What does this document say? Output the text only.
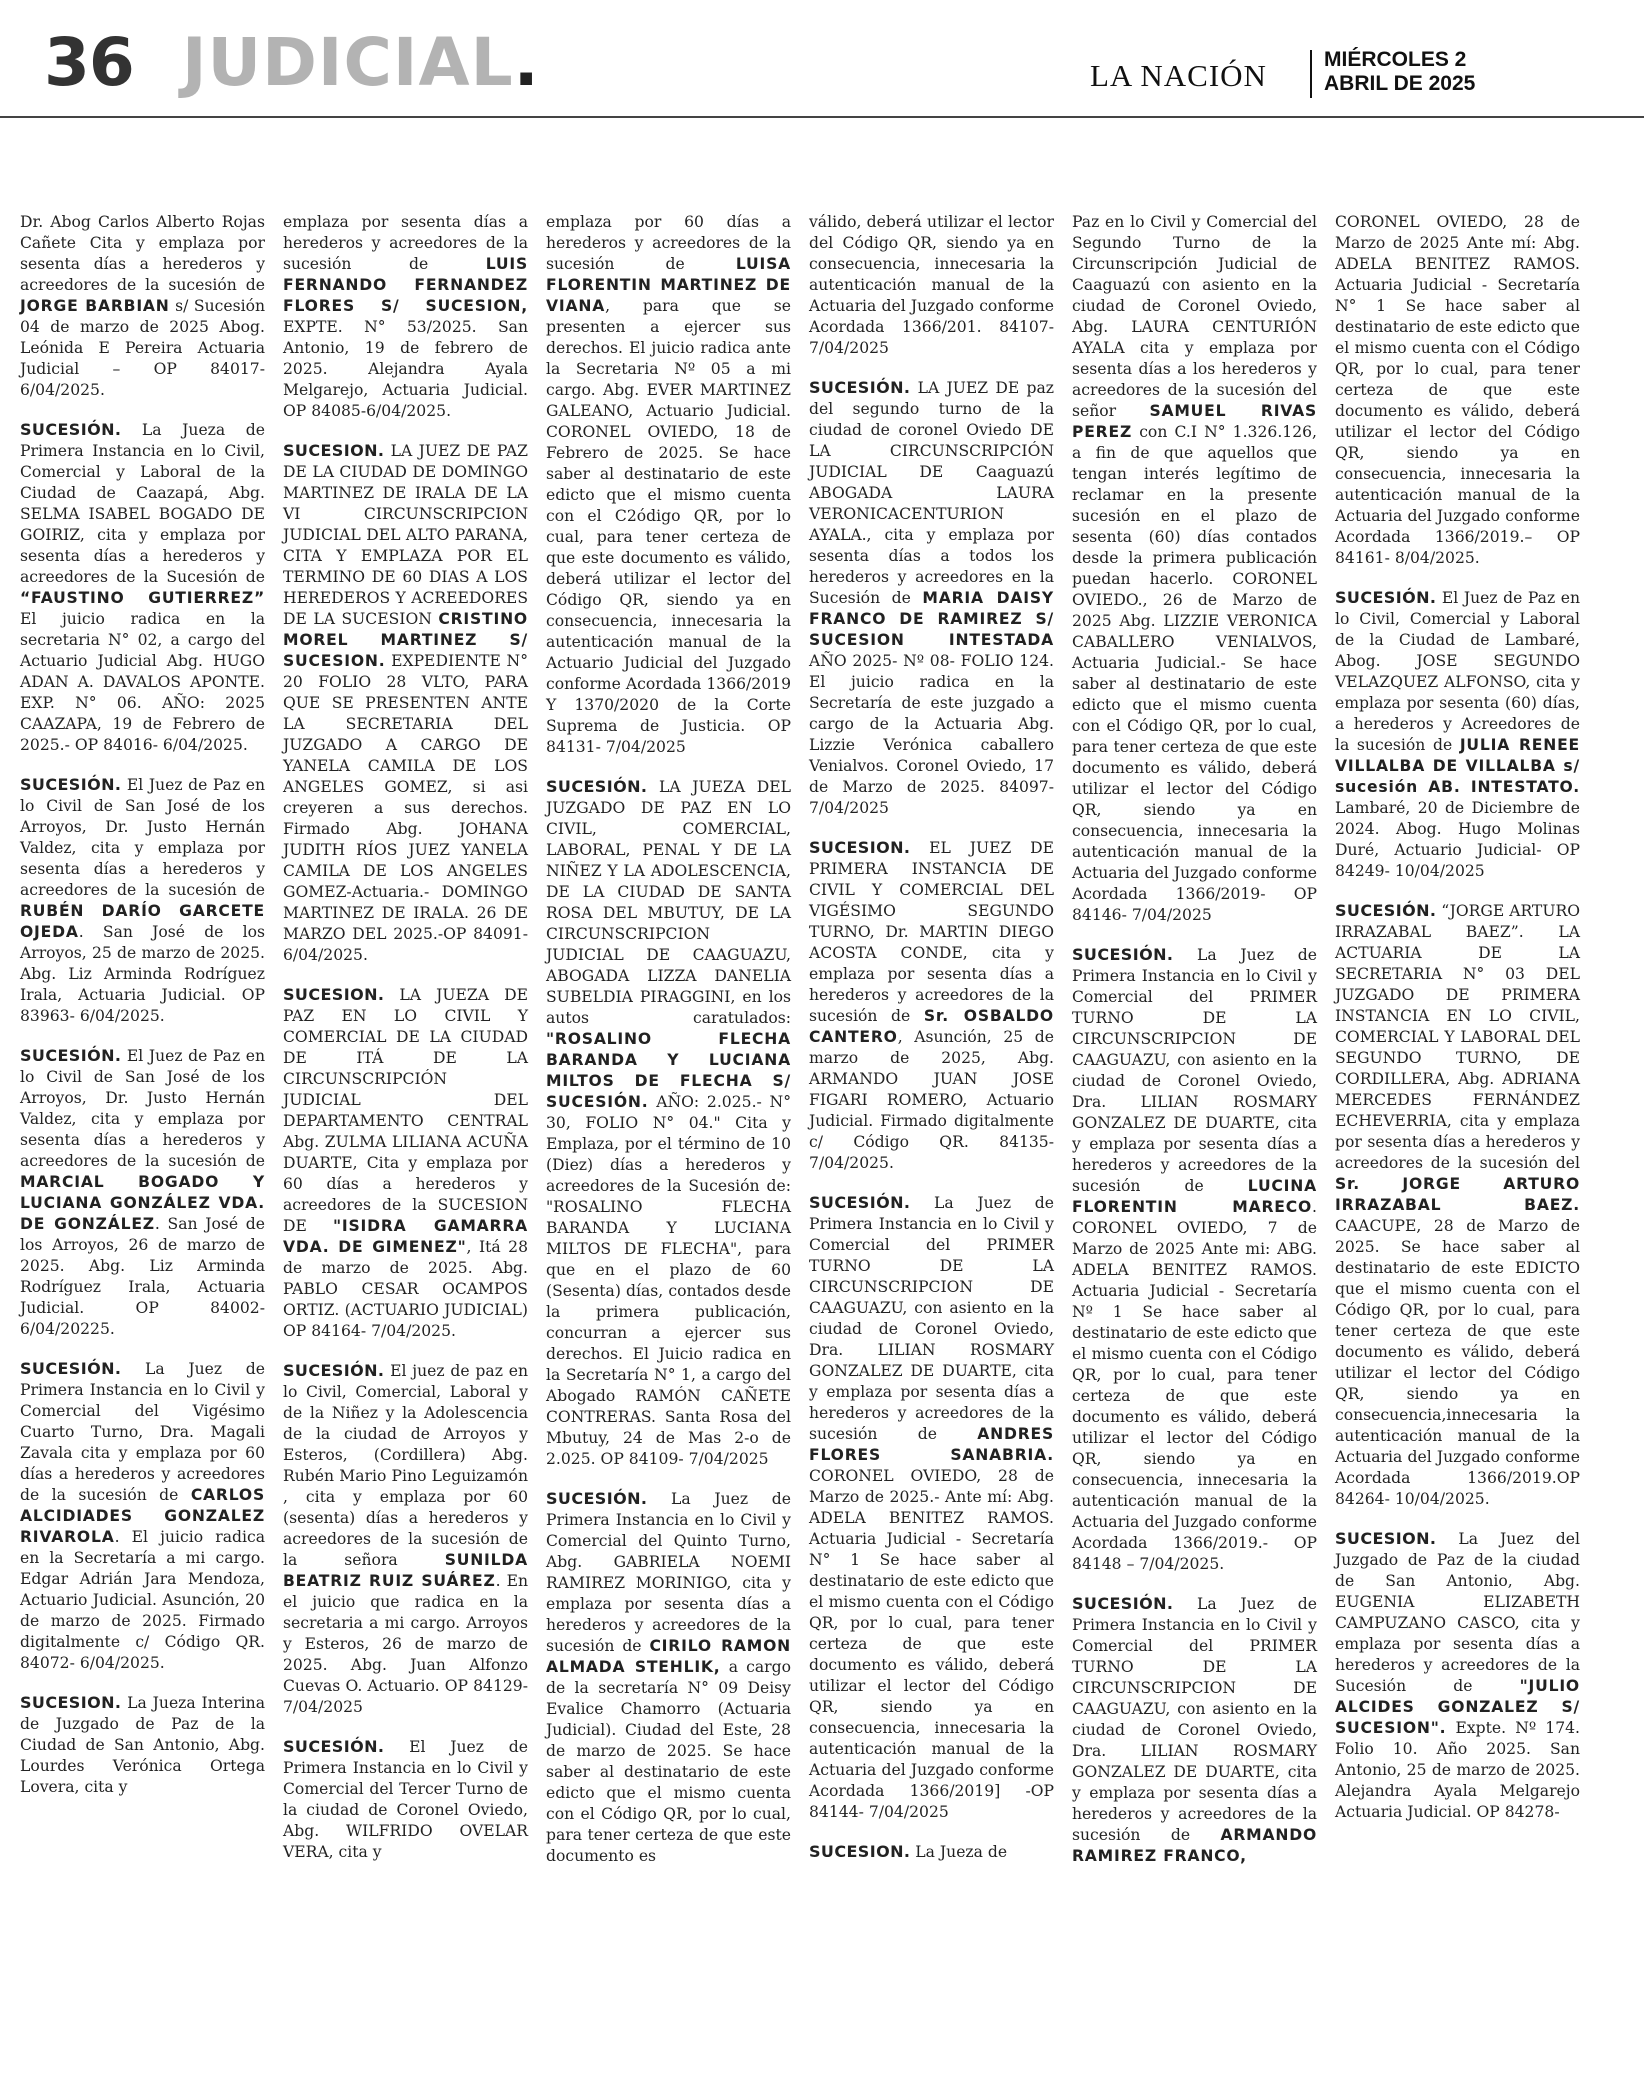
36 JUDICIAL.	LA NACIÓN	MIÉRCOLES 2
ABRIL DE 2025

Dr. Abog Carlos Alberto Rojas Cañete Cita y emplaza por sesenta días a herederos y acreedores de la sucesión de JORGE BARBIAN s/ Sucesión 04 de marzo de 2025 Abog. Leónida E Pereira Actuaria Judicial – OP 84017- 6/04/2025.

SUCESIÓN. La Jueza de Primera Instancia en lo Civil, Comercial y Laboral de la Ciudad de Caazapá, Abg. SELMA ISABEL BOGADO DE GOIRIZ, cita y emplaza por sesenta días a herederos y acreedores de la Sucesión de “FAUSTINO GUTIERREZ” El juicio radica en la secretaria N° 02, a cargo del Actuario Judicial Abg. HUGO ADAN A. DAVALOS APONTE. EXP. N° 06. AÑO: 2025 CAAZAPA, 19 de Febrero de 2025.- OP 84016- 6/04/2025.

SUCESIÓN. El Juez de Paz en lo Civil de San José de los Arroyos, Dr. Justo Hernán Valdez, cita y emplaza por sesenta días a herederos y acreedores de la sucesión de RUBÉN DARÍO GARCETE OJEDA. San José de los Arroyos, 25 de marzo de 2025. Abg. Liz Arminda Rodríguez Irala, Actuaria Judicial. OP 83963- 6/04/2025.

SUCESIÓN. El Juez de Paz en lo Civil de San José de los Arroyos, Dr. Justo Hernán Valdez, cita y emplaza por sesenta días a herederos y acreedores de la sucesión de MARCIAL BOGADO Y LUCIANA GONZÁLEZ VDA. DE GONZÁLEZ. San José de los Arroyos, 26 de marzo de 2025. Abg. Liz Arminda Rodríguez Irala, Actuaria Judicial. OP 84002- 6/04/20225.

SUCESIÓN. La Juez de Primera Instancia en lo Civil y Comercial del Vigésimo Cuarto Turno, Dra. Magali Zavala cita y emplaza por 60 días a herederos y acreedores de la sucesión de CARLOS ALCIDIADES GONZALEZ RIVAROLA. El juicio radica en la Secretaría a mi cargo. Edgar Adrián Jara Mendoza, Actuario Judicial. Asunción, 20 de marzo de 2025. Firmado digitalmente c/ Código QR. 84072- 6/04/2025.

SUCESION. La Jueza Interina de Juzgado de Paz de la Ciudad de San Antonio, Abg. Lourdes Verónica Ortega Lovera, cita y

emplaza por sesenta días a herederos y acreedores de la sucesión de LUIS FERNANDO FERNANDEZ FLORES S/ SUCESION, EXPTE. N° 53/2025. San Antonio, 19 de febrero de 2025. Alejandra Ayala Melgarejo, Actuaria Judicial. OP 84085-6/04/2025.

SUCESION. LA JUEZ DE PAZ DE LA CIUDAD DE DOMINGO MARTINEZ DE IRALA DE LA VI CIRCUNSCRIPCION JUDICIAL DEL ALTO PARANA, CITA Y EMPLAZA POR EL TERMINO DE 60 DIAS A LOS HEREDEROS Y ACREEDORES DE LA SUCESION CRISTINO MOREL MARTINEZ S/ SUCESION. EXPEDIENTE N° 20 FOLIO 28 VLTO, PARA QUE SE PRESENTEN ANTE LA SECRETARIA DEL JUZGADO A CARGO DE YANELA CAMILA DE LOS ANGELES GOMEZ, si asi creyeren a sus derechos. Firmado Abg. JOHANA JUDITH RÍOS JUEZ YANELA CAMILA DE LOS ANGELES GOMEZ-Actuaria.- DOMINGO MARTINEZ DE IRALA. 26 DE MARZO DEL 2025.-OP 84091- 6/04/2025.

SUCESION. LA JUEZA DE PAZ EN LO CIVIL Y COMERCIAL DE LA CIUDAD DE ITÁ DE LA CIRCUNSCRIPCIÓN JUDICIAL DEL DEPARTAMENTO CENTRAL Abg. ZULMA LILIANA ACUÑA DUARTE, Cita y emplaza por 60 días a herederos y acreedores de la SUCESION DE "ISIDRA GAMARRA VDA. DE GIMENEZ", Itá 28 de marzo de 2025. Abg. PABLO CESAR OCAMPOS ORTIZ. (ACTUARIO JUDICIAL) OP 84164- 7/04/2025.

SUCESIÓN. El juez de paz en lo Civil, Comercial, Laboral y de la Niñez y la Adolescencia de la ciudad de Arroyos y Esteros, (Cordillera) Abg. Rubén Mario Pino Leguizamón , cita y emplaza por 60 (sesenta) días a herederos y acreedores de la sucesión de la señora SUNILDA BEATRIZ RUIZ SUÁREZ. En el juicio que radica en la secretaria a mi cargo. Arroyos y Esteros, 26 de marzo de 2025. Abg. Juan Alfonzo Cuevas O. Actuario. OP 84129- 7/04/2025

SUCESIÓN. El Juez de Primera Instancia en lo Civil y Comercial del Tercer Turno de la ciudad de Coronel Oviedo, Abg. WILFRIDO OVELAR VERA, cita y

emplaza por 60 días a herederos y acreedores de la sucesión de LUISA FLORENTIN MARTINEZ DE VIANA, para que se presenten a ejercer sus derechos. El juicio radica ante la Secretaria Nº 05 a mi cargo. Abg. EVER MARTINEZ GALEANO, Actuario Judicial. CORONEL OVIEDO, 18 de Febrero de 2025. Se hace saber al destinatario de este edicto que el mismo cuenta con el C2ódigo QR, por lo cual, para tener certeza de que este documento es válido, deberá utilizar el lector del Código QR, siendo ya en consecuencia, innecesaria la autenticación manual de la Actuario Judicial del Juzgado conforme Acordada 1366/2019 Y 1370/2020 de la Corte Suprema de Justicia. OP 84131- 7/04/2025

SUCESIÓN. LA JUEZA DEL JUZGADO DE PAZ EN LO CIVIL, COMERCIAL, LABORAL, PENAL Y DE LA NIÑEZ Y LA ADOLESCENCIA, DE LA CIUDAD DE SANTA ROSA DEL MBUTUY, DE LA CIRCUNSCRIPCION JUDICIAL DE CAAGUAZU, ABOGADA LIZZA DANELIA SUBELDIA PIRAGGINI, en los autos caratulados: "ROSALINO FLECHA BARANDA Y LUCIANA MILTOS DE FLECHA S/ SUCESIÓN. AÑO: 2.025.- N° 30, FOLIO N° 04." Cita y Emplaza, por el término de 10 (Diez) días a herederos y acreedores de la Sucesión de: "ROSALINO FLECHA BARANDA Y LUCIANA MILTOS DE FLECHA", para que en el plazo de 60 (Sesenta) días, contados desde la primera publicación, concurran a ejercer sus derechos. El Juicio radica en la Secretaría N° 1, a cargo del Abogado RAMÓN CAÑETE CONTRERAS. Santa Rosa del Mbutuy, 24 de Mas 2-o de 2.025. OP 84109- 7/04/2025

SUCESIÓN. La Juez de Primera Instancia en lo Civil y Comercial del Quinto Turno, Abg. GABRIELA NOEMI RAMIREZ MORINIGO, cita y emplaza por sesenta días a herederos y acreedores de la sucesión de CIRILO RAMON ALMADA STEHLIK, a cargo de la secretaría N° 09 Deisy Evalice Chamorro (Actuaria Judicial). Ciudad del Este, 28 de marzo de 2025. Se hace saber al destinatario de este edicto que el mismo cuenta con el Código QR, por lo cual, para tener certeza de que este documento es

válido, deberá utilizar el lector del Código QR, siendo ya en consecuencia, innecesaria la autenticación manual de la Actuaria del Juzgado conforme Acordada 1366/201. 84107- 7/04/2025

SUCESIÓN. LA JUEZ DE paz del segundo turno de la ciudad de coronel Oviedo DE LA CIRCUNSCRIPCIÓN JUDICIAL DE Caaguazú ABOGADA LAURA VERONICACENTURION AYALA., cita y emplaza por sesenta días a todos los herederos y acreedores en la Sucesión de MARIA DAISY FRANCO DE RAMIREZ S/ SUCESION INTESTADA AÑO 2025- Nº 08- FOLIO 124. El juicio radica en la Secretaría de este juzgado a cargo de la Actuaria Abg. Lizzie Verónica caballero Venialvos. Coronel Oviedo, 17 de Marzo de 2025. 84097- 7/04/2025

SUCESION. EL JUEZ DE PRIMERA INSTANCIA DE CIVIL Y COMERCIAL DEL VIGÉSIMO SEGUNDO TURNO, Dr. MARTIN DIEGO ACOSTA CONDE, cita y emplaza por sesenta días a herederos y acreedores de la sucesión de Sr. OSBALDO CANTERO, Asunción, 25 de marzo de 2025, Abg. ARMANDO JUAN JOSE FIGARI ROMERO, Actuario Judicial. Firmado digitalmente c/ Código QR. 84135- 7/04/2025.

SUCESIÓN. La Juez de Primera Instancia en lo Civil y Comercial del PRIMER TURNO DE LA CIRCUNSCRIPCION DE CAAGUAZU, con asiento en la ciudad de Coronel Oviedo, Dra. LILIAN ROSMARY GONZALEZ DE DUARTE, cita y emplaza por sesenta días a herederos y acreedores de la sucesión de ANDRES FLORES SANABRIA. CORONEL OVIEDO, 28 de Marzo de 2025.- Ante mí: Abg. ADELA BENITEZ RAMOS. Actuaria Judicial - Secretaría N° 1 Se hace saber al destinatario de este edicto que el mismo cuenta con el Código QR, por lo cual, para tener certeza de que este documento es válido, deberá utilizar el lector del Código QR, siendo ya en consecuencia, innecesaria la autenticación manual de la Actuaria del Juzgado conforme Acordada 1366/2019] -OP 84144- 7/04/2025

SUCESION. La Jueza de

Paz en lo Civil y Comercial del Segundo Turno de la Circunscripción Judicial de Caaguazú con asiento en la ciudad de Coronel Oviedo, Abg. LAURA CENTURIÓN AYALA cita y emplaza por sesenta días a los herederos y acreedores de la sucesión del señor SAMUEL RIVAS PEREZ con C.I N° 1.326.126, a fin de que aquellos que tengan interés legítimo de reclamar en la presente sucesión en el plazo de sesenta (60) días contados desde la primera publicación puedan hacerlo. CORONEL OVIEDO., 26 de Marzo de 2025 Abg. LIZZIE VERONICA CABALLERO VENIALVOS, Actuaria Judicial.- Se hace saber al destinatario de este edicto que el mismo cuenta con el Código QR, por lo cual, para tener certeza de que este documento es válido, deberá utilizar el lector del Código QR, siendo ya en consecuencia, innecesaria la autenticación manual de la Actuaria del Juzgado conforme Acordada 1366/2019- OP 84146- 7/04/2025

SUCESIÓN. La Juez de Primera Instancia en lo Civil y Comercial del PRIMER TURNO DE LA CIRCUNSCRIPCION DE CAAGUAZU, con asiento en la ciudad de Coronel Oviedo, Dra. LILIAN ROSMARY GONZALEZ DE DUARTE, cita y emplaza por sesenta días a herederos y acreedores de la sucesión de LUCINA FLORENTIN MARECO. CORONEL OVIEDO, 7 de Marzo de 2025 Ante mi: ABG. ADELA BENITEZ RAMOS. Actuaria Judicial - Secretaría Nº 1 Se hace saber al destinatario de este edicto que el mismo cuenta con el Código QR, por lo cual, para tener certeza de que este documento es válido, deberá utilizar el lector del Código QR, siendo ya en consecuencia, innecesaria la autenticación manual de la Actuaria del Juzgado conforme Acordada 1366/2019.- OP 84148 – 7/04/2025.

SUCESIÓN. La Juez de Primera Instancia en lo Civil y Comercial del PRIMER TURNO DE LA CIRCUNSCRIPCION DE CAAGUAZU, con asiento en la ciudad de Coronel Oviedo, Dra. LILIAN ROSMARY GONZALEZ DE DUARTE, cita y emplaza por sesenta días a herederos y acreedores de la sucesión de ARMANDO RAMIREZ FRANCO,

CORONEL OVIEDO, 28 de Marzo de 2025 Ante mí: Abg. ADELA BENITEZ RAMOS. Actuaria Judicial - Secretaría N° 1 Se hace saber al destinatario de este edicto que el mismo cuenta con el Código QR, por lo cual, para tener certeza de que este documento es válido, deberá utilizar el lector del Código QR, siendo ya en consecuencia, innecesaria la autenticación manual de la Actuaria del Juzgado conforme Acordada 1366/2019.– OP 84161- 8/04/2025.

SUCESIÓN. El Juez de Paz en lo Civil, Comercial y Laboral de la Ciudad de Lambaré, Abog. JOSE SEGUNDO VELAZQUEZ ALFONSO, cita y emplaza por sesenta (60) días, a herederos y Acreedores de la sucesión de JULIA RENEE VILLALBA DE VILLALBA s/ sucesión AB. INTESTATO. Lambaré, 20 de Diciembre de 2024. Abog. Hugo Molinas Duré, Actuario Judicial- OP 84249- 10/04/2025

SUCESIÓN. “JORGE ARTURO IRRAZABAL BAEZ”. LA ACTUARIA DE LA SECRETARIA N° 03 DEL JUZGADO DE PRIMERA INSTANCIA EN LO CIVIL, COMERCIAL Y LABORAL DEL SEGUNDO TURNO, DE CORDILLERA, Abg. ADRIANA MERCEDES FERNÁNDEZ ECHEVERRIA, cita y emplaza por sesenta días a herederos y acreedores de la sucesión del Sr. JORGE ARTURO IRRAZABAL BAEZ. CAACUPE, 28 de Marzo de 2025. Se hace saber al destinatario de este EDICTO que el mismo cuenta con el Código QR, por lo cual, para tener certeza de que este documento es válido, deberá utilizar el lector del Código QR, siendo ya en consecuencia,innecesaria la autenticación manual de la Actuaria del Juzgado conforme Acordada 1366/2019.OP 84264- 10/04/2025.

SUCESION. La Juez del Juzgado de Paz de la ciudad de San Antonio, Abg. EUGENIA ELIZABETH CAMPUZANO CASCO, cita y emplaza por sesenta días a herederos y acreedores de la Sucesión de "JULIO ALCIDES GONZALEZ S/ SUCESION". Expte. Nº 174. Folio 10. Año 2025. San Antonio, 25 de marzo de 2025. Alejandra Ayala Melgarejo Actuaria Judicial. OP 84278-
